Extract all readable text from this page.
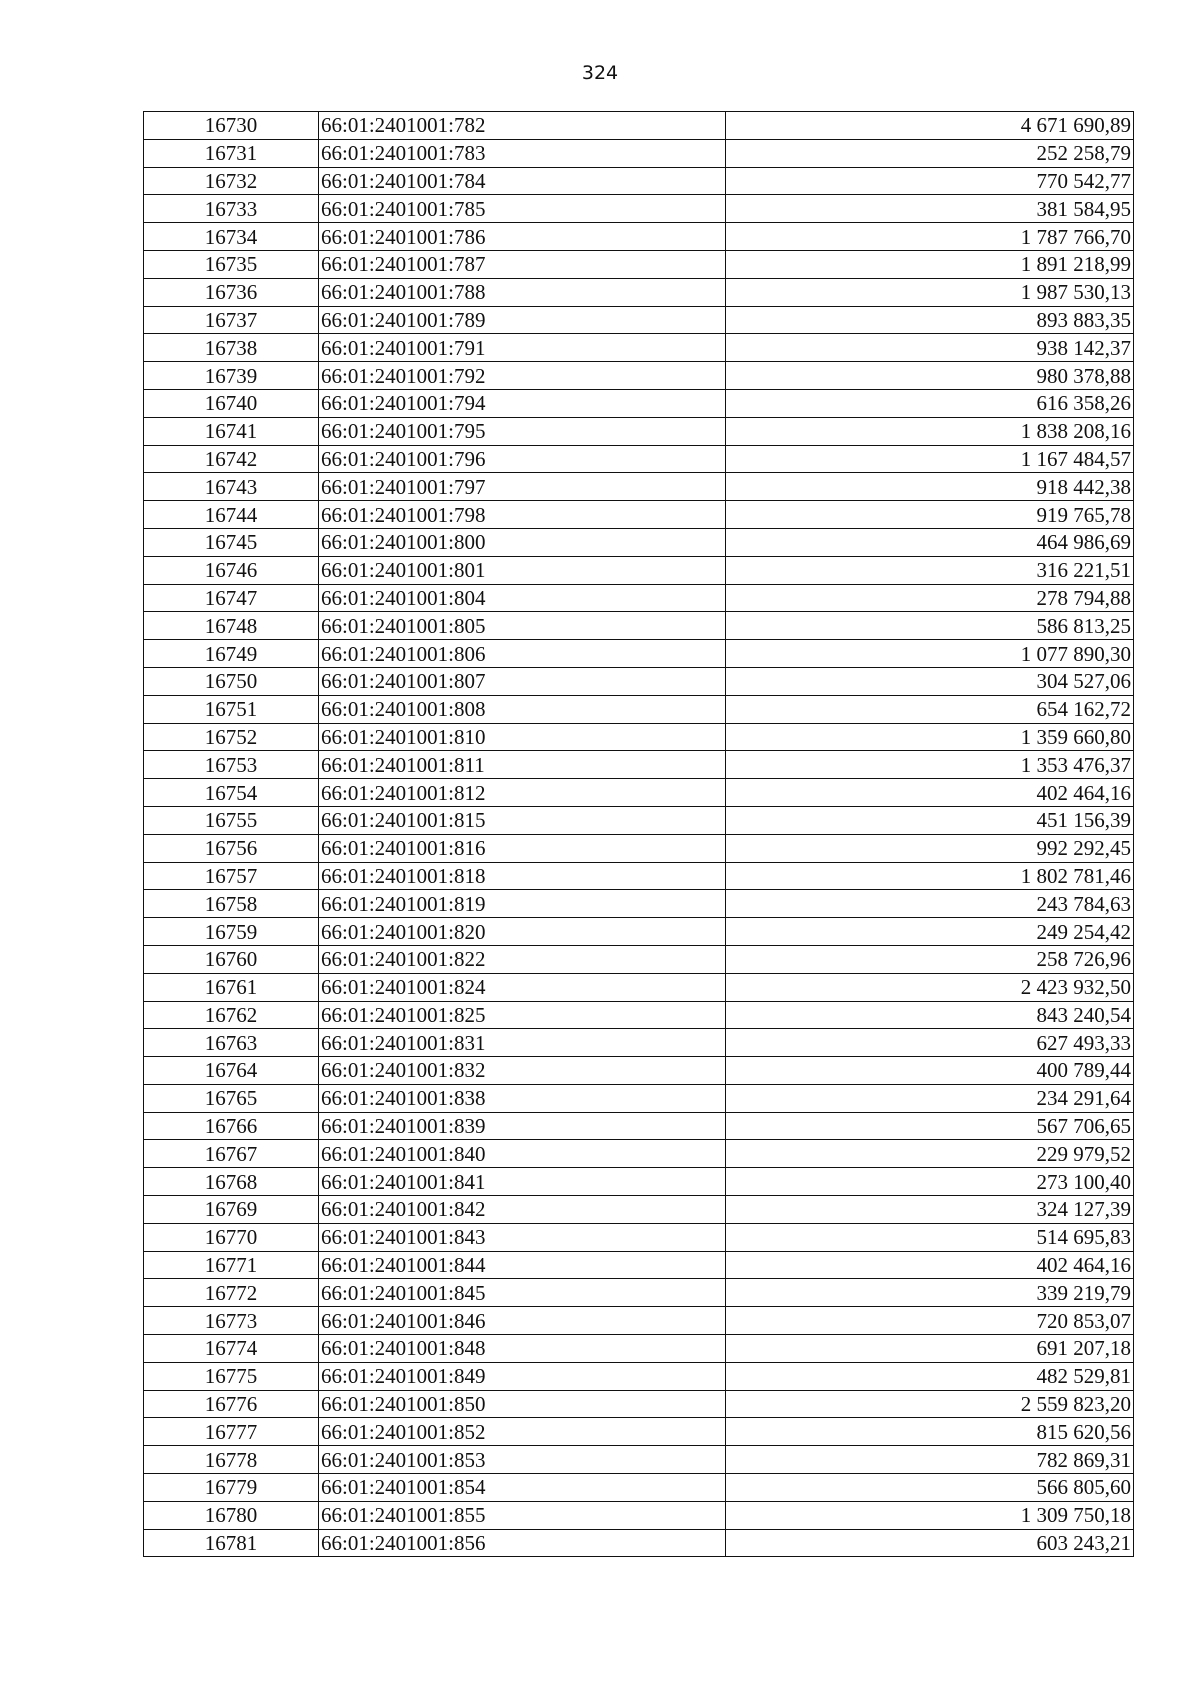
324
16730	66:01:2401001:782	4 671 690,89
16731	66:01:2401001:783	252 258,79
16732	66:01:2401001:784	770 542,77
16733	66:01:2401001:785	381 584,95
16734	66:01:2401001:786	1 787 766,70
16735	66:01:2401001:787	1 891 218,99
16736	66:01:2401001:788	1 987 530,13
16737	66:01:2401001:789	893 883,35
16738	66:01:2401001:791	938 142,37
16739	66:01:2401001:792	980 378,88
16740	66:01:2401001:794	616 358,26
16741	66:01:2401001:795	1 838 208,16
16742	66:01:2401001:796	1 167 484,57
16743	66:01:2401001:797	918 442,38
16744	66:01:2401001:798	919 765,78
16745	66:01:2401001:800	464 986,69
16746	66:01:2401001:801	316 221,51
16747	66:01:2401001:804	278 794,88
16748	66:01:2401001:805	586 813,25
16749	66:01:2401001:806	1 077 890,30
16750	66:01:2401001:807	304 527,06
16751	66:01:2401001:808	654 162,72
16752	66:01:2401001:810	1 359 660,80
16753	66:01:2401001:811	1 353 476,37
16754	66:01:2401001:812	402 464,16
16755	66:01:2401001:815	451 156,39
16756	66:01:2401001:816	992 292,45
16757	66:01:2401001:818	1 802 781,46
16758	66:01:2401001:819	243 784,63
16759	66:01:2401001:820	249 254,42
16760	66:01:2401001:822	258 726,96
16761	66:01:2401001:824	2 423 932,50
16762	66:01:2401001:825	843 240,54
16763	66:01:2401001:831	627 493,33
16764	66:01:2401001:832	400 789,44
16765	66:01:2401001:838	234 291,64
16766	66:01:2401001:839	567 706,65
16767	66:01:2401001:840	229 979,52
16768	66:01:2401001:841	273 100,40
16769	66:01:2401001:842	324 127,39
16770	66:01:2401001:843	514 695,83
16771	66:01:2401001:844	402 464,16
16772	66:01:2401001:845	339 219,79
16773	66:01:2401001:846	720 853,07
16774	66:01:2401001:848	691 207,18
16775	66:01:2401001:849	482 529,81
16776	66:01:2401001:850	2 559 823,20
16777	66:01:2401001:852	815 620,56
16778	66:01:2401001:853	782 869,31
16779	66:01:2401001:854	566 805,60
16780	66:01:2401001:855	1 309 750,18
16781	66:01:2401001:856	603 243,21
